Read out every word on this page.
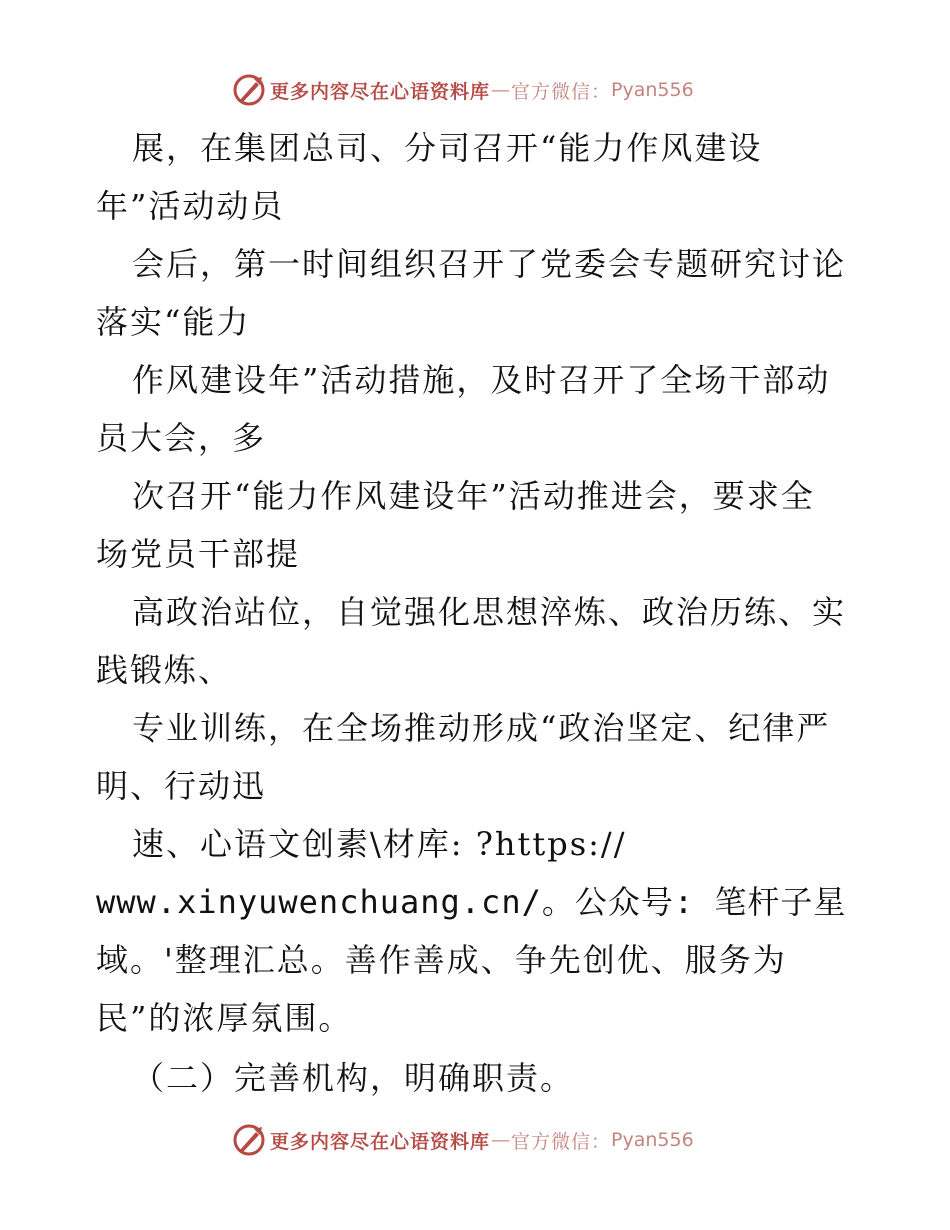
更多内容尽在心语资料库 — 官方微信： Pyan556
展，在集团总司、分司召开“能力作风建设
年”活动动员
会后，第一时间组织召开了党委会专题研究讨论
落实“能力
作风建设年”活动措施，及时召开了全场干部动
员大会，多
次召开“能力作风建设年”活动推进会，要求全
场党员干部提
高政治站位，自觉强化思想淬炼、政治历练、实
践锻炼、
专业训练，在全场推动形成“政治坚定、纪律严
明、行动迅
速、心语文创素\材库: ?https://
www.xinyuwenchuang.cn/。公众号: 笔杆子星
域。'整理汇总。善作善成、争先创优、服务为
民”的浓厚氛围。
（二）完善机构，明确职责。
更多内容尽在心语资料库 — 官方微信： Pyan556
